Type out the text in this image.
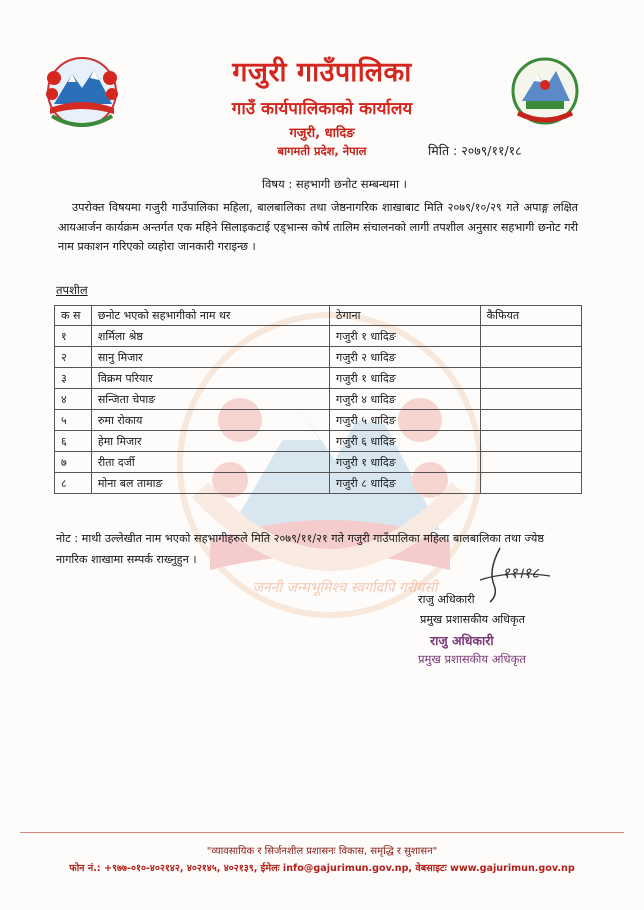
जननी जन्मभूमिश्च स्वर्गादपि गरीयसी
गजुरी गाउँपालिका
गाउँ कार्यपालिकाको कार्यालय
गजुरी, धादिङ
बागमती प्रदेश, नेपाल	मिति : २०७९/११/१८
विषय : सहभागी छनोट सम्बन्धमा ।
उपरोक्त विषयमा गजुरी गाउँपालिका महिला, बालबालिका तथा जेष्ठनागरिक शाखाबाट मिति २०७९/१०/२९ गते अपाङ्ग लक्षित आयआर्जन कार्यक्रम अन्तर्गत एक महिने सिलाइकटाई एड्भान्स कोर्ष तालिम संचालनको लागी तपशील अनुसार सहभागी छनोट गरी नाम प्रकाशन गरिएको व्यहोरा जानकारी गराइन्छ ।
तपशील
क स	छनोट भएको सहभागीको नाम थर	ठेगाना	कैफियत
१	शर्मिला श्रेष्ठ	गजुरी १ धादिङ	
२	सानु मिजार	गजुरी २ धादिङ	
३	विक्रम परियार	गजुरी १ धादिङ	
४	सन्जिता चेपाङ	गजुरी ४ धादिङ	
५	रुमा रोकाय	गजुरी ५ धादिङ	
६	हेमा मिजार	गजुरी ६ धादिङ	
७	रीता दर्जी	गजुरी १ धादिङ	
८	मोना बल तामाङ	गजुरी ८ धादिङ	
नोट : माथी उल्लेखीत नाम भएको सहभागीहरुले मिति २०७९/११/२१ गते गजुरी गाउँपालिका महिला बालबालिका तथा ज्येष्ठ नागरिक शाखामा सम्पर्क राख्नुहुन ।
११।१८
राजु अधिकारी
प्रमुख प्रशासकीय अधिकृत
राजु अधिकारी
प्रमुख प्रशासकीय अधिकृत
"व्यावसायिक र सिर्जनशील प्रशासनः विकास, समृद्धि र सुशासन"
फोन नं.: +९७७-०१०-४०२१४२, ४०२१४५, ४०२१३९, ईमेलः info@gajurimun.gov.np, वेबसाइटः www.gajurimun.gov.np
